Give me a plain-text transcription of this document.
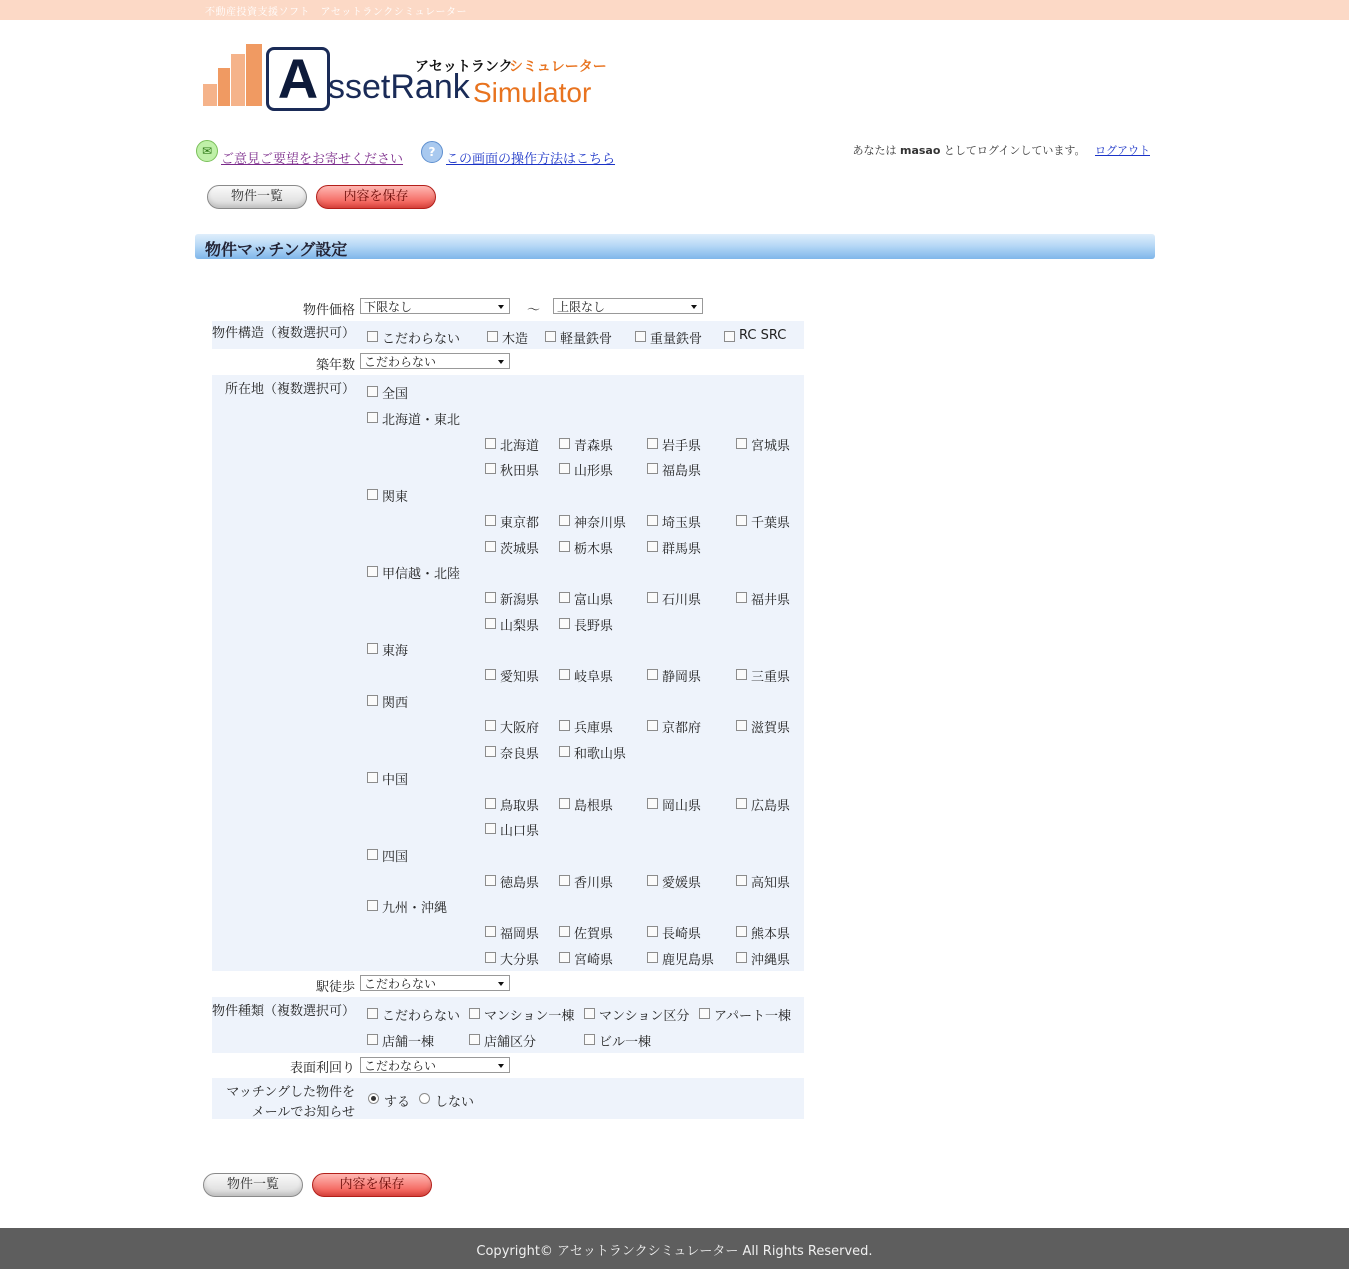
不動産投資支援ソフト　アセットランクシミュレーター
A ssetRank Simulator
アセットランク
シミュレーター
✉
ご意見ご要望をお寄せください	? この画面の操作方法はこちら
あなたは masao としてログインしています。 ログアウト
物件一覧	内容を保存
物件マッチング設定
物件価格 下限なし	～	上限なし
物件構造（複数選択可） こだわらない	木造 軽量鉄骨	重量鉄骨	RC SRC
築年数 こだわらない
所在地（複数選択可） 全国
北海道・東北
北海道	青森県	岩手県	宮城県
秋田県	山形県	福島県
関東
東京都	神奈川県	埼玉県	千葉県
茨城県	栃木県	群馬県
甲信越・北陸
新潟県	富山県	石川県	福井県
山梨県	長野県
東海
愛知県	岐阜県	静岡県	三重県
関西
大阪府	兵庫県	京都府	滋賀県
奈良県	和歌山県
中国
鳥取県	島根県	岡山県	広島県
山口県
四国
徳島県	香川県	愛媛県	高知県
九州・沖縄
福岡県	佐賀県	長崎県	熊本県
大分県	宮崎県	鹿児島県	沖縄県
駅徒歩 こだわらない
物件種類（複数選択可） こだわらない マンション一棟 マンション区分 アパート一棟
店舗一棟	店舗区分	ビル一棟
表面利回り こだわならい
マッチングした物件を
メールでお知らせ
する しない
物件一覧	内容を保存
Copyright© アセットランクシミュレーター All Rights Reserved.
